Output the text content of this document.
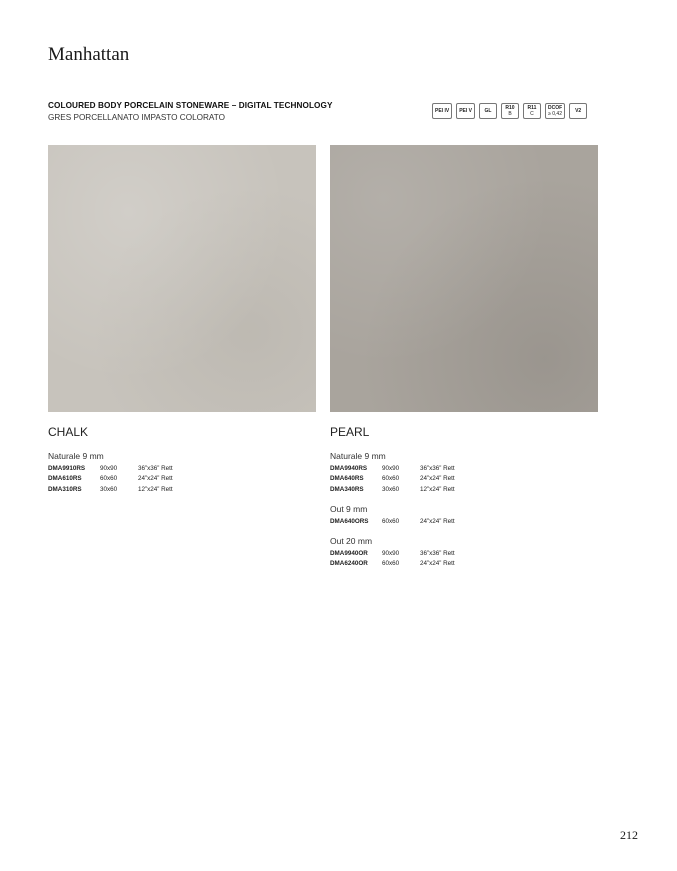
Manhattan
COLOURED BODY PORCELAIN STONEWARE – DIGITAL TECHNOLOGY
GRES PORCELLANATO IMPASTO COLORATO
PEI IV PEI V	GL	R10
B
R11
C
DCOF
≥ 0,42	V2
CHALK
Naturale 9 mm
DMA9910RS	90x90	36”x36” Rett
DMA610RS	60x60	24”x24” Rett
DMA310RS	30x60	12”x24” Rett
PEARL
Naturale 9 mm
DMA9940RS	90x90	36”x36” Rett
DMA640RS	60x60	24”x24” Rett
DMA340RS	30x60	12”x24” Rett
Out 9 mm
DMA640ORS	60x60	24”x24” Rett
Out 20 mm
DMA9940OR	90x90	36”x36” Rett
DMA6240OR	60x60	24”x24” Rett
212
